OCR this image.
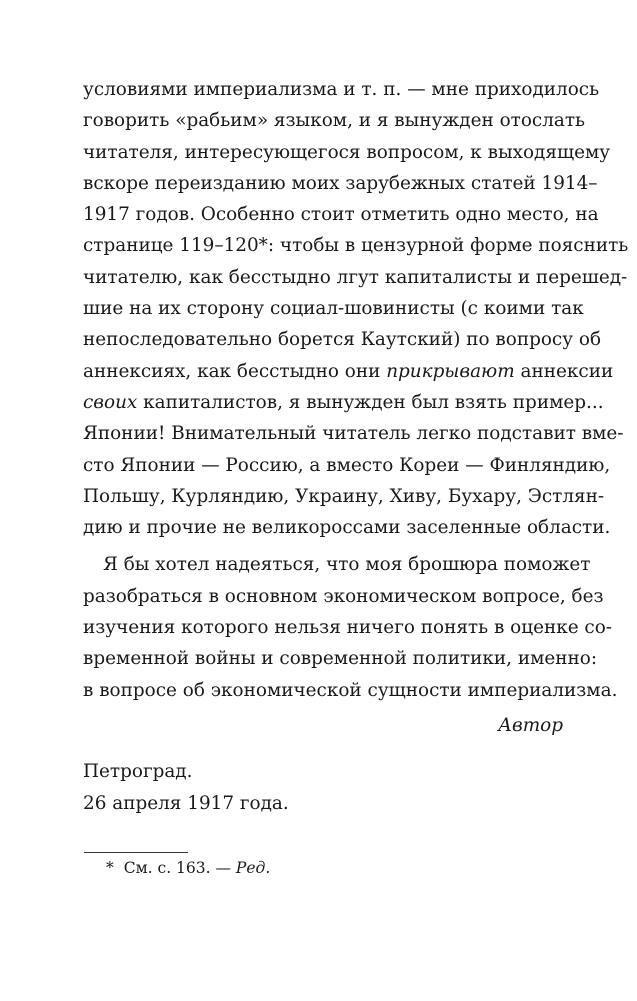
условиями империализма и т. п. — мне приходилось
говорить «рабьим» языком, и я вынужден отослать
читателя, интересующегося вопросом, к выходящему
вскоре переизданию моих зарубежных статей 1914–
1917 годов. Особенно стоит отметить одно место, на
странице 119–120*: чтобы в цензурной форме пояснить
читателю, как бесстыдно лгут капиталисты и перешед-
шие на их сторону социал-шовинисты (с коими так
непоследовательно борется Каутский) по вопросу об
аннексиях, как бесстыдно они прикрывают аннексии
своих капиталистов, я вынужден был взять пример...
Японии! Внимательный читатель легко подставит вме-
сто Японии — Россию, а вместо Кореи — Финляндию,
Польшу, Курляндию, Украину, Хиву, Бухару, Эстлян-
дию и прочие не великороссами заселенные области.
Я бы хотел надеяться, что моя брошюра поможет
разобраться в основном экономическом вопросе, без
изучения которого нельзя ничего понять в оценке со-
временной войны и современной политики, именно:
в вопросе об экономической сущности империализма.
Автор
Петроград.
26 апреля 1917 года.
* См. с. 163. — Ред.
